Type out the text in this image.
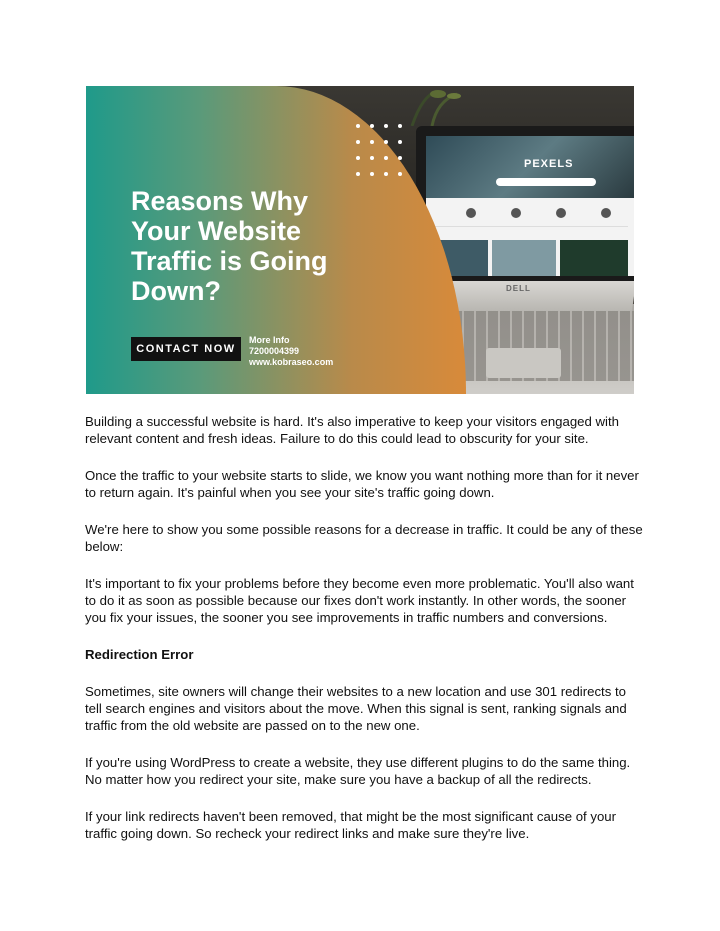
PEXELS
DELL
Reasons Why Your Website Traffic is Going Down?
CONTACT NOW
More Info
7200004399
www.kobraseo.com

Building a successful website is hard. It's also imperative to keep your visitors engaged with relevant content and fresh ideas. Failure to do this could lead to obscurity for your site.

Once the traffic to your website starts to slide, we know you want nothing more than for it never to return again. It's painful when you see your site's traffic going down.

We're here to show you some possible reasons for a decrease in traffic. It could be any of these below:

It's important to fix your problems before they become even more problematic. You'll also want to do it as soon as possible because our fixes don't work instantly. In other words, the sooner you fix your issues, the sooner you see improvements in traffic numbers and conversions.

Redirection Error

Sometimes, site owners will change their websites to a new location and use 301 redirects to tell search engines and visitors about the move. When this signal is sent, ranking signals and traffic from the old website are passed on to the new one.

If you're using WordPress to create a website, they use different plugins to do the same thing. No matter how you redirect your site, make sure you have a backup of all the redirects.

If your link redirects haven't been removed, that might be the most significant cause of your traffic going down. So recheck your redirect links and make sure they're live.
